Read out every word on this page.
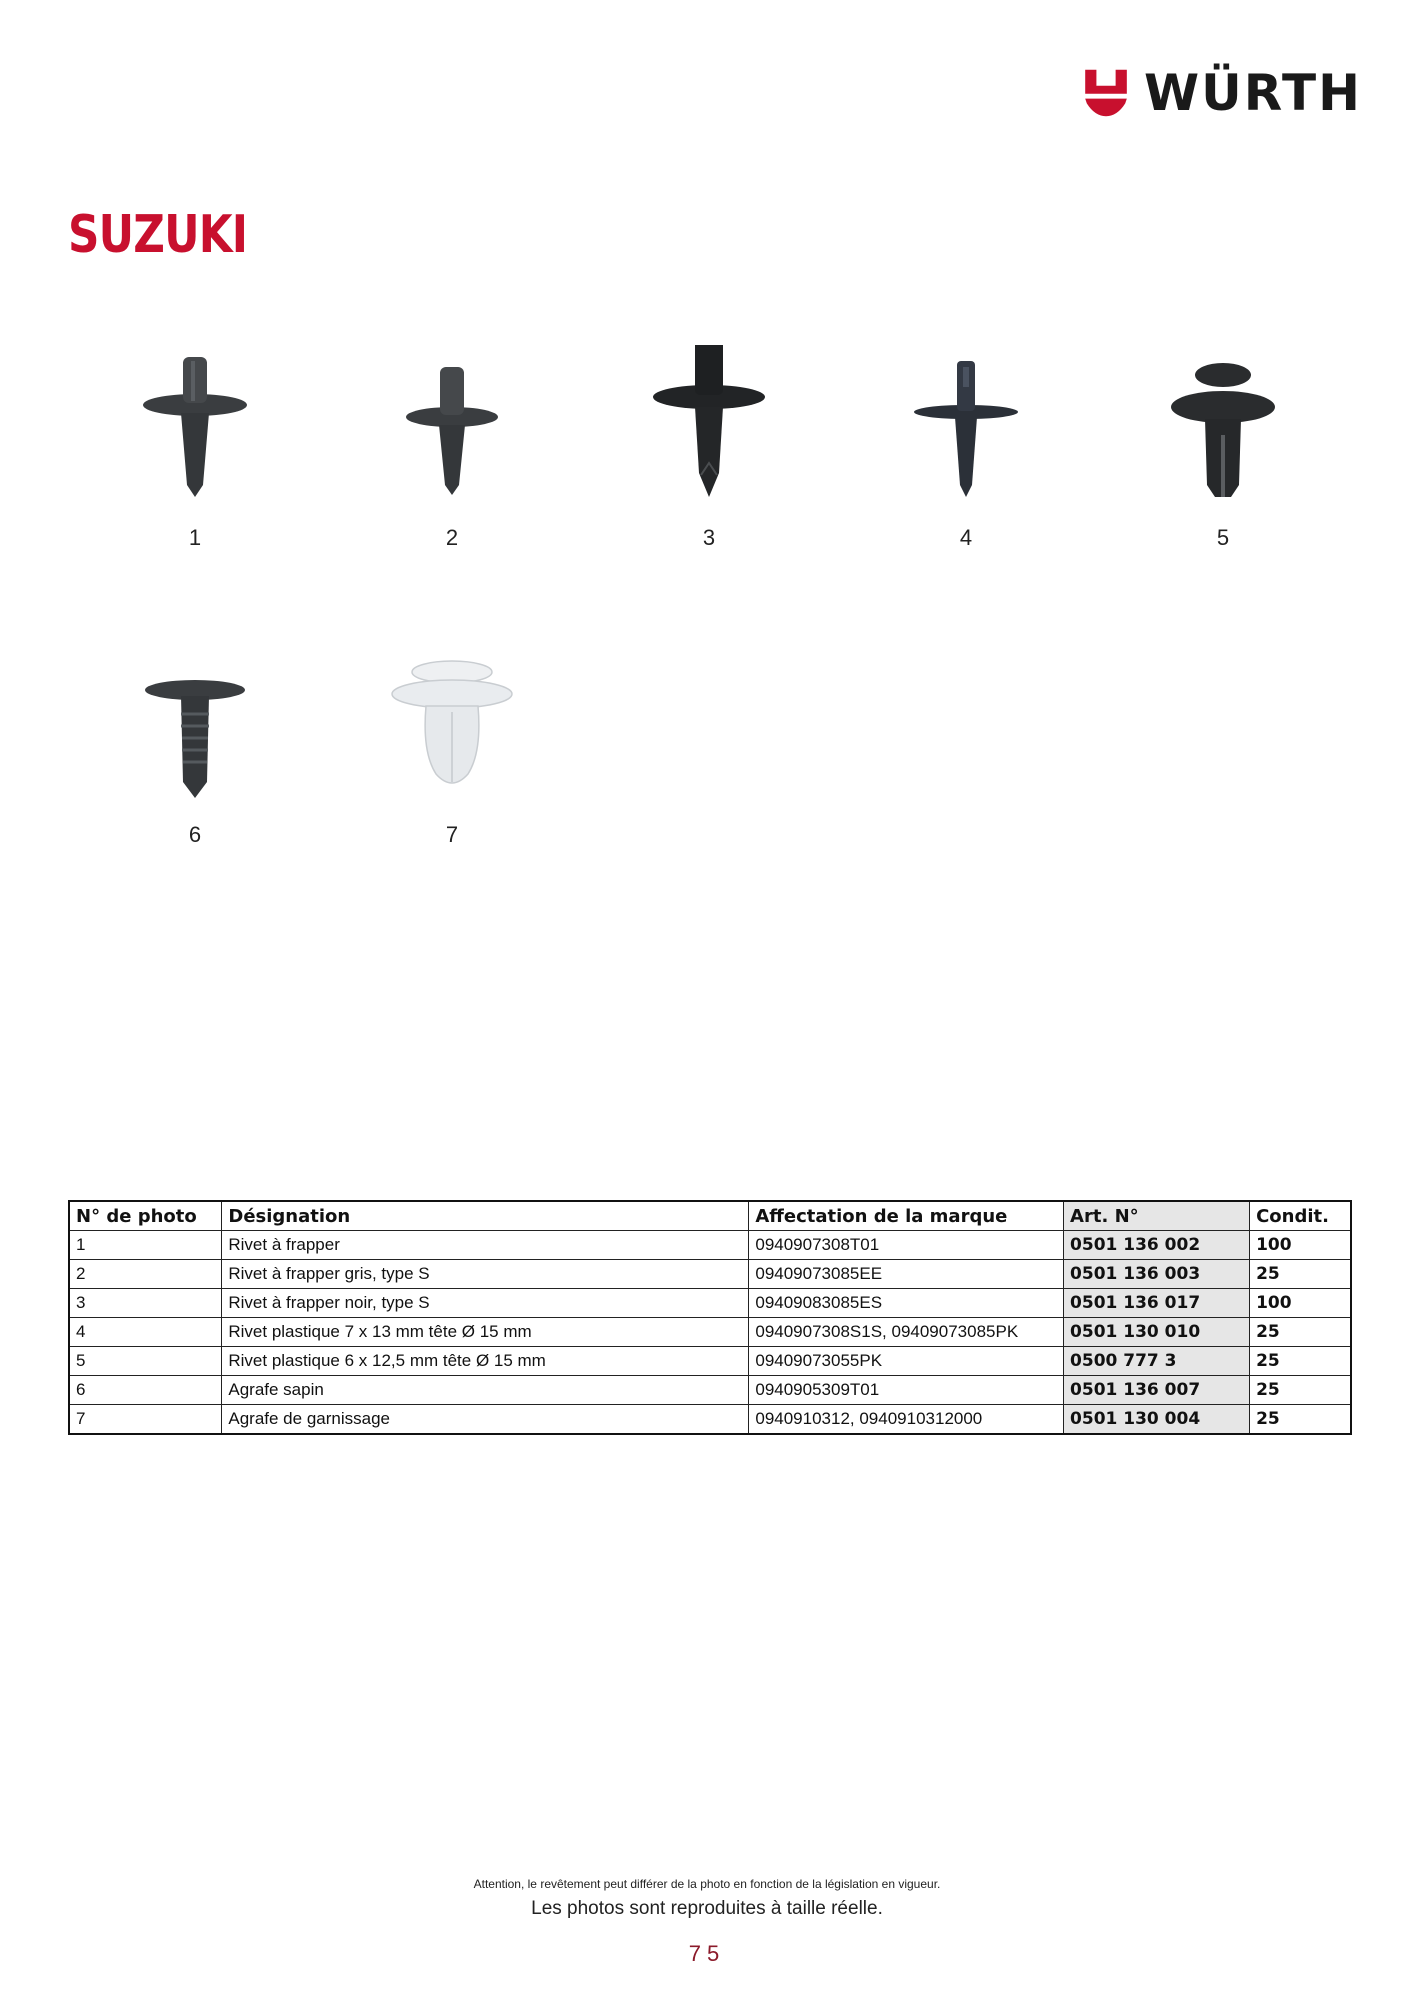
WÜRTH
SUZUKI
1	2	3	4	5
6	7
N° de photo	Désignation	Affectation de la marque	Art. N°	Condit.
1	Rivet à frapper	0940907308T01	0501 136 002	100
2	Rivet à frapper gris, type S	09409073085EE	0501 136 003	25
3	Rivet à frapper noir, type S	09409083085ES	0501 136 017	100
4	Rivet plastique 7 x 13 mm tête Ø 15 mm	0940907308S1S, 09409073085PK	0501 130 010	25
5	Rivet plastique 6 x 12,5 mm tête Ø 15 mm	09409073055PK	0500 777 3	25
6	Agrafe sapin	0940905309T01	0501 136 007	25
7	Agrafe de garnissage	0940910312, 0940910312000	0501 130 004	25
Attention, le revêtement peut différer de la photo en fonction de la législation en vigueur.
Les photos sont reproduites à taille réelle.
75
